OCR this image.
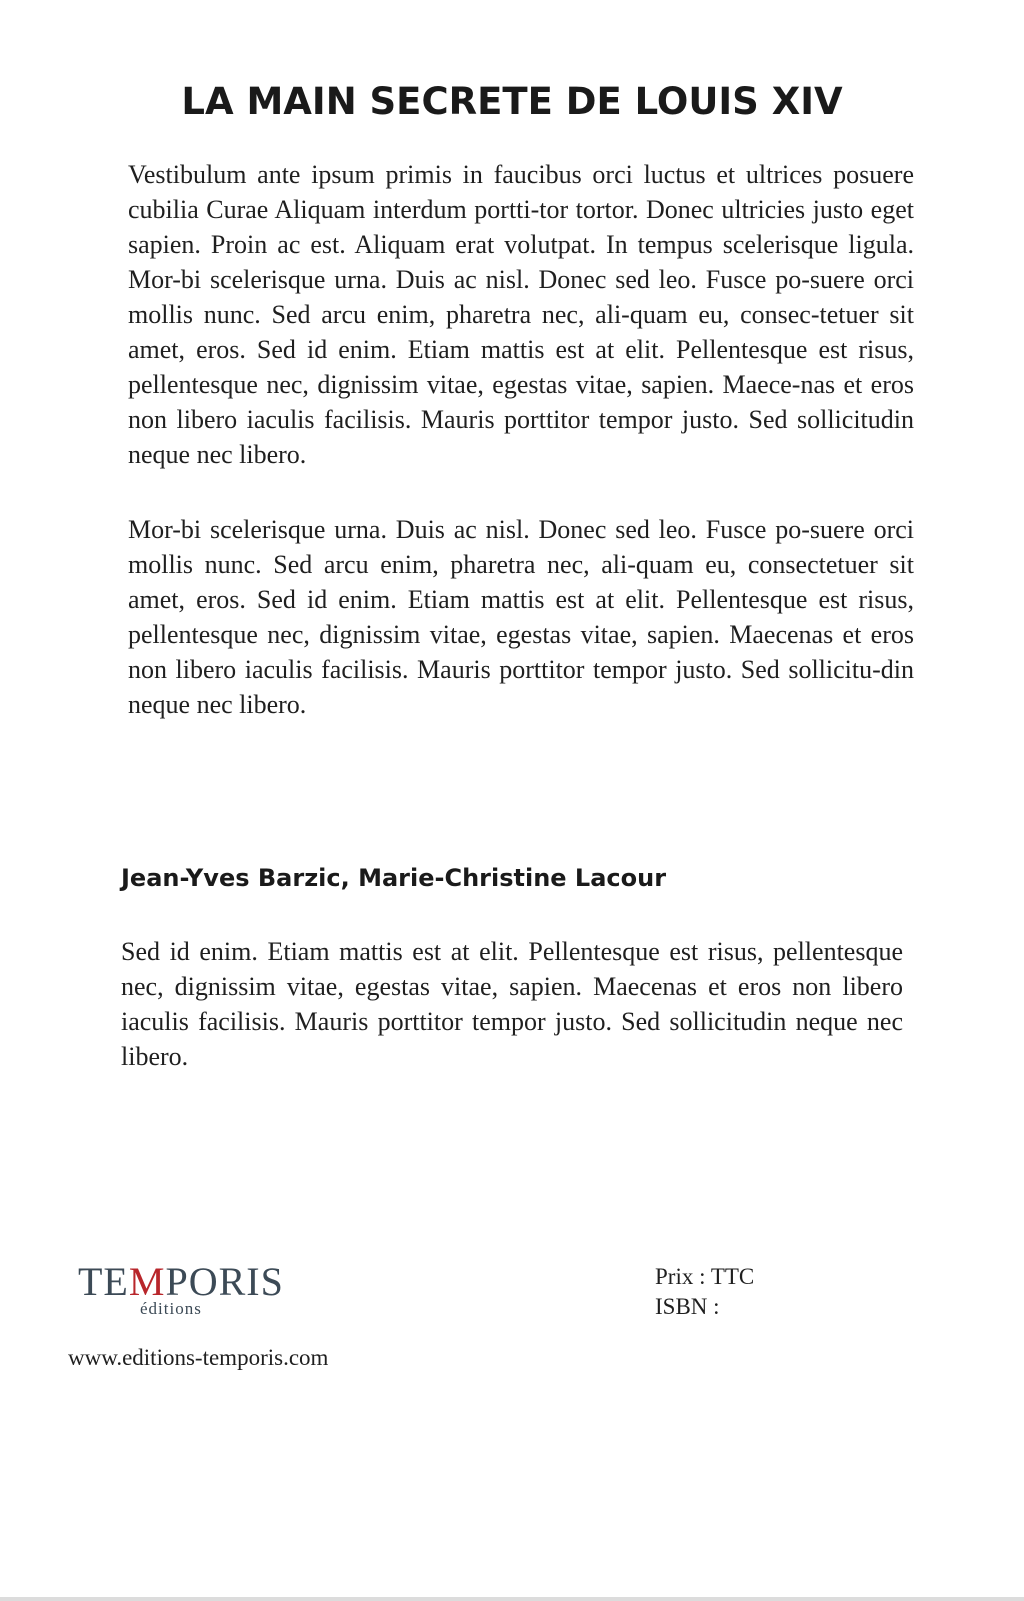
LA MAIN SECRETE DE LOUIS XIV

Vestibulum ante ipsum primis in faucibus orci luctus et ultrices posuere cubilia Curae Aliquam interdum portti-tor tortor. Donec ultricies justo eget sapien. Proin ac est. Aliquam erat volutpat. In tempus scelerisque ligula. Mor-bi scelerisque urna. Duis ac nisl. Donec sed leo. Fusce po-suere orci mollis nunc. Sed arcu enim, pharetra nec, ali-quam eu, consec-tetuer sit amet, eros. Sed id enim. Etiam mattis est at elit. Pellentesque est risus, pellentesque nec, dignissim vitae, egestas vitae, sapien. Maece-nas et eros non libero iaculis facilisis. Mauris porttitor tempor justo. Sed sollicitudin neque nec libero.

Mor-bi scelerisque urna. Duis ac nisl. Donec sed leo. Fusce po-suere orci mollis nunc. Sed arcu enim, pharetra nec, ali-quam eu, consectetuer sit amet, eros. Sed id enim. Etiam mattis est at elit. Pellentesque est risus, pellentesque nec, dignissim vitae, egestas vitae, sapien. Maecenas et eros non libero iaculis facilisis. Mauris porttitor tempor justo. Sed sollicitu-din neque nec libero.

Jean-Yves Barzic, Marie-Christine Lacour

Sed id enim. Etiam mattis est at elit. Pellentesque est risus, pellentesque nec, dignissim vitae, egestas vitae, sapien. Maecenas et eros non libero iaculis facilisis. Mauris porttitor tempor justo. Sed sollicitudin neque nec libero.

TEMPORIS
éditions
www.editions-temporis.com
Prix : TTC
ISBN :
